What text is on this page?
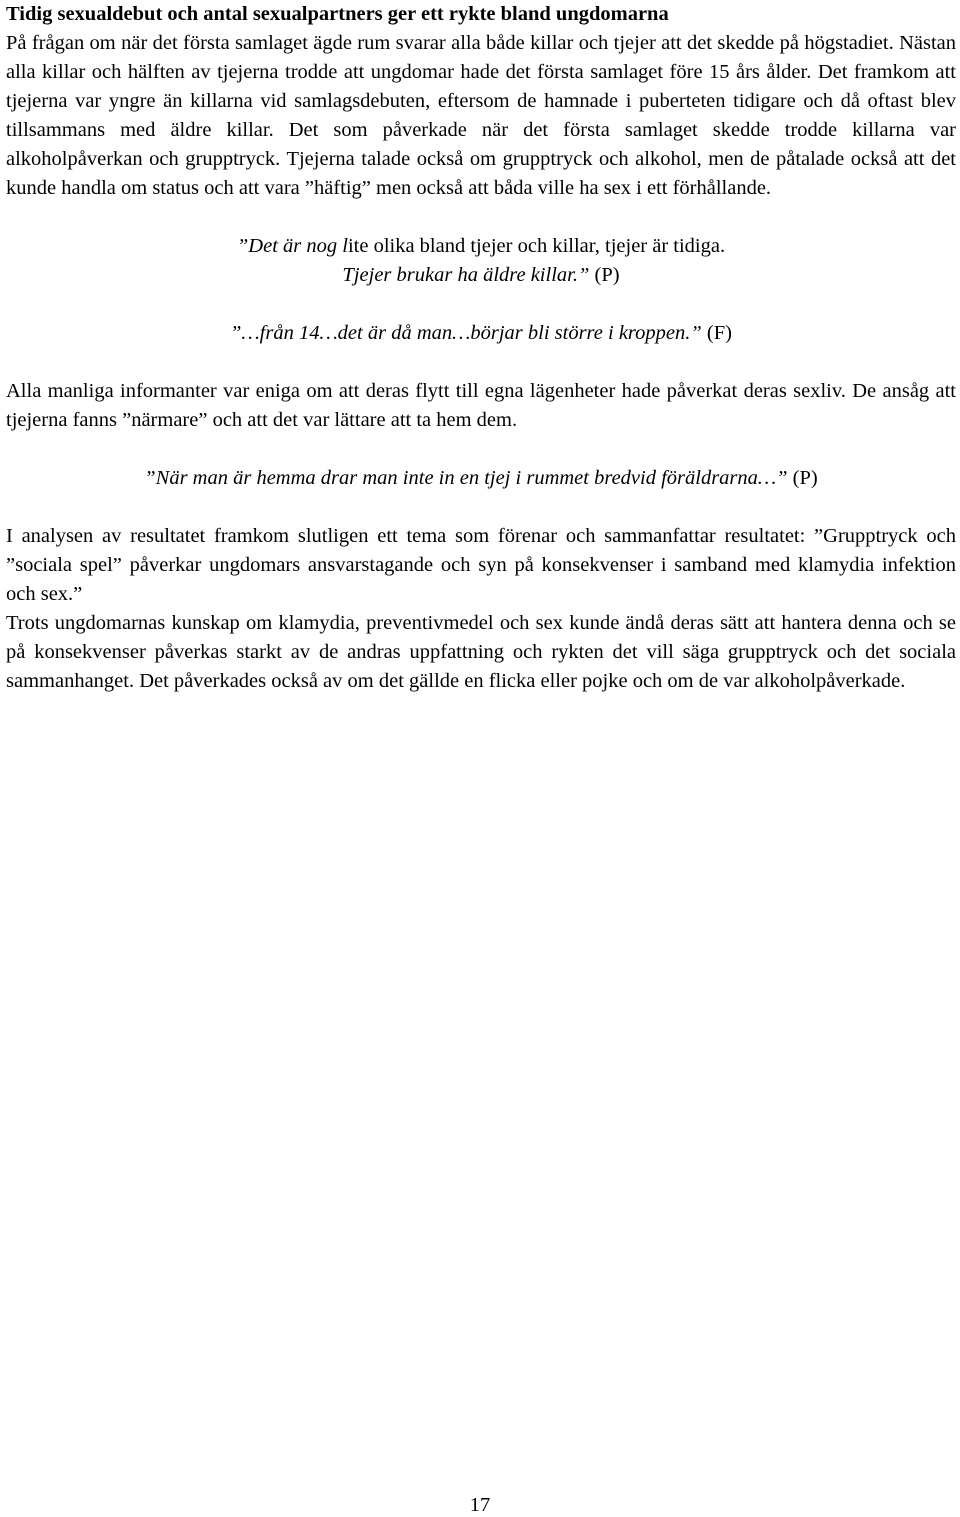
Tidig sexualdebut och antal sexualpartners ger ett rykte bland ungdomarna

På frågan om när det första samlaget ägde rum svarar alla både killar och tjejer att det skedde på högstadiet. Nästan alla killar och hälften av tjejerna trodde att ungdomar hade det första samlaget före 15 års ålder. Det framkom att tjejerna var yngre än killarna vid samlagsdebuten, eftersom de hamnade i puberteten tidigare och då oftast blev tillsammans med äldre killar. Det som påverkade när det första samlaget skedde trodde killarna var alkoholpåverkan och grupptryck. Tjejerna talade också om grupptryck och alkohol, men de påtalade också att det kunde handla om status och att vara ”häftig” men också att båda ville ha sex i ett förhållande.

”Det är nog lite olika bland tjejer och killar, tjejer är tidiga.
Tjejer brukar ha äldre killar.” (P)
”…från 14…det är då man…börjar bli större i kroppen.” (F)

Alla manliga informanter var eniga om att deras flytt till egna lägenheter hade påverkat deras sexliv. De ansåg att tjejerna fanns ”närmare” och att det var lättare att ta hem dem.

”När man är hemma drar man inte in en tjej i rummet bredvid föräldrarna…” (P)

I analysen av resultatet framkom slutligen ett tema som förenar och sammanfattar resultatet: ”Grupptryck och ”sociala spel” påverkar ungdomars ansvarstagande och syn på konsekvenser i samband med klamydia infektion och sex.”

Trots ungdomarnas kunskap om klamydia, preventivmedel och sex kunde ändå deras sätt att hantera denna och se på konsekvenser påverkas starkt av de andras uppfattning och rykten det vill säga grupptryck och det sociala sammanhanget. Det påverkades också av om det gällde en flicka eller pojke och om de var alkoholpåverkade.

17
